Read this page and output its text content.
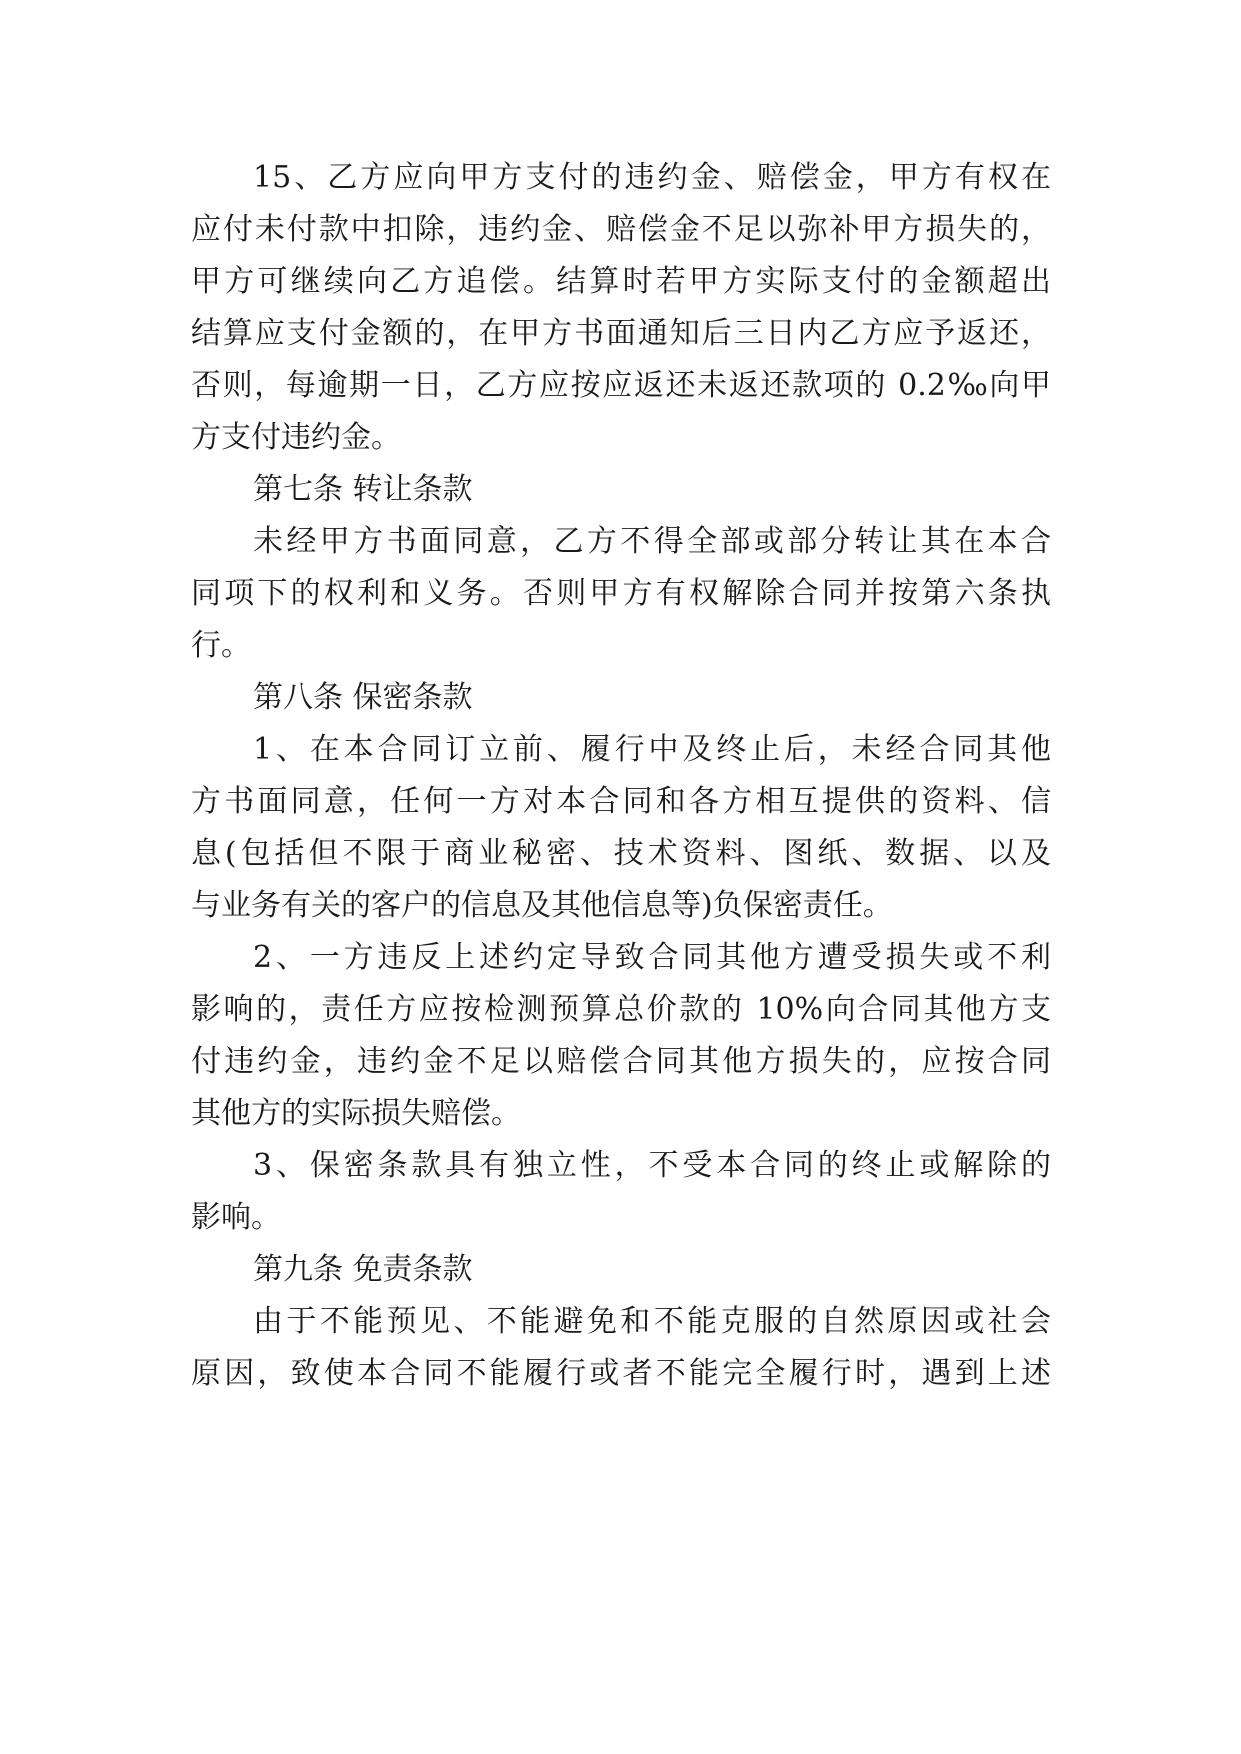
15、乙方应向甲方支付的违约金、赔偿金，甲方有权在
应付未付款中扣除，违约金、赔偿金不足以弥补甲方损失的，
甲方可继续向乙方追偿。结算时若甲方实际支付的金额超出
结算应支付金额的，在甲方书面通知后三日内乙方应予返还，
否则，每逾期一日，乙方应按应返还未返还款项的 0.2‰向甲
方支付违约金。
第七条 转让条款
未经甲方书面同意，乙方不得全部或部分转让其在本合
同项下的权利和义务。否则甲方有权解除合同并按第六条执
行。
第八条 保密条款
1、在本合同订立前、履行中及终止后，未经合同其他
方书面同意，任何一方对本合同和各方相互提供的资料、信
息(包括但不限于商业秘密、技术资料、图纸、数据、以及
与业务有关的客户的信息及其他信息等)负保密责任。
2、一方违反上述约定导致合同其他方遭受损失或不利
影响的，责任方应按检测预算总价款的 10%向合同其他方支
付违约金，违约金不足以赔偿合同其他方损失的，应按合同
其他方的实际损失赔偿。
3、保密条款具有独立性，不受本合同的终止或解除的
影响。
第九条 免责条款
由于不能预见、不能避免和不能克服的自然原因或社会
原因，致使本合同不能履行或者不能完全履行时，遇到上述
